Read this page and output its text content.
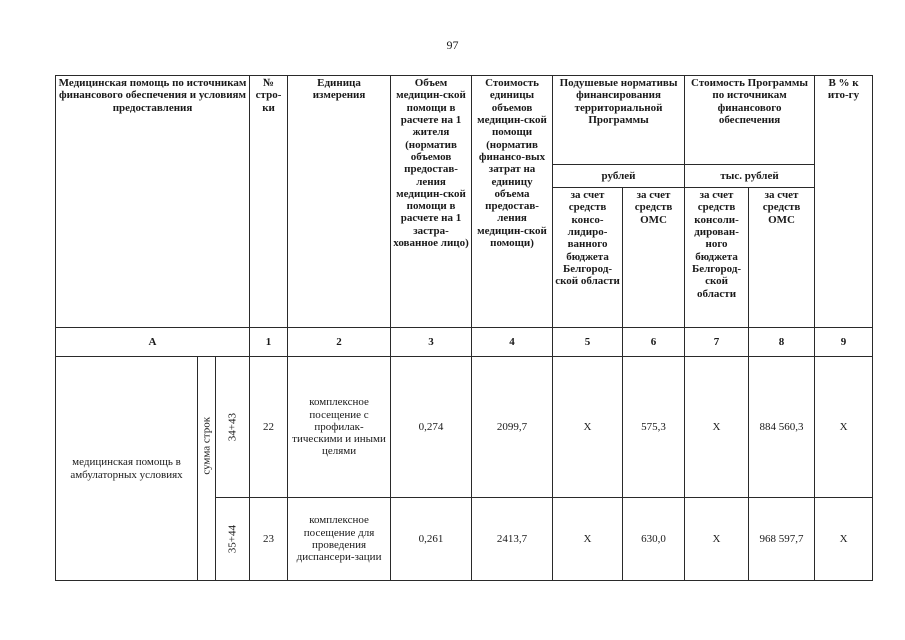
97
Медицинская помощь по источникам финансового обеспечения и условиям предоставления			№ стро-ки	Единица измерения	Объем медицин-ской помощи в расчете на 1 жителя (норматив объемов предостав-ления медицин-ской помощи в расчете на 1 застра-хованное лицо)	Стоимость единицы объемов медицин-ской помощи (норматив финансо-вых затрат на единицу объема предостав-ления медицин-ской помощи)	Подушевые нормативы финансирования территориальной Программы		Стоимость Программы по источникам финансового обеспечения		В % к ито-гу
							рублей		тыс. рублей		
							за счет средств консо-лидиро-ванного бюджета Белгород-ской области	за счет средств ОМС	за счет средств консоли-дирован-ного бюджета Белгород-ской области	за счет средств ОМС	
А			1	2	3	4	5	6	7	8	9
медицинская помощь в амбулаторных условиях	сумма строк	34+43	22	комплексное посещение с профилак-тическими и иными целями	0,274	2099,7	X	575,3	X	884 560,3	X

		35+44	23	комплексное посещение для проведения диспансери-зации	0,261	2413,7	X	630,0	X	968 597,7	X
